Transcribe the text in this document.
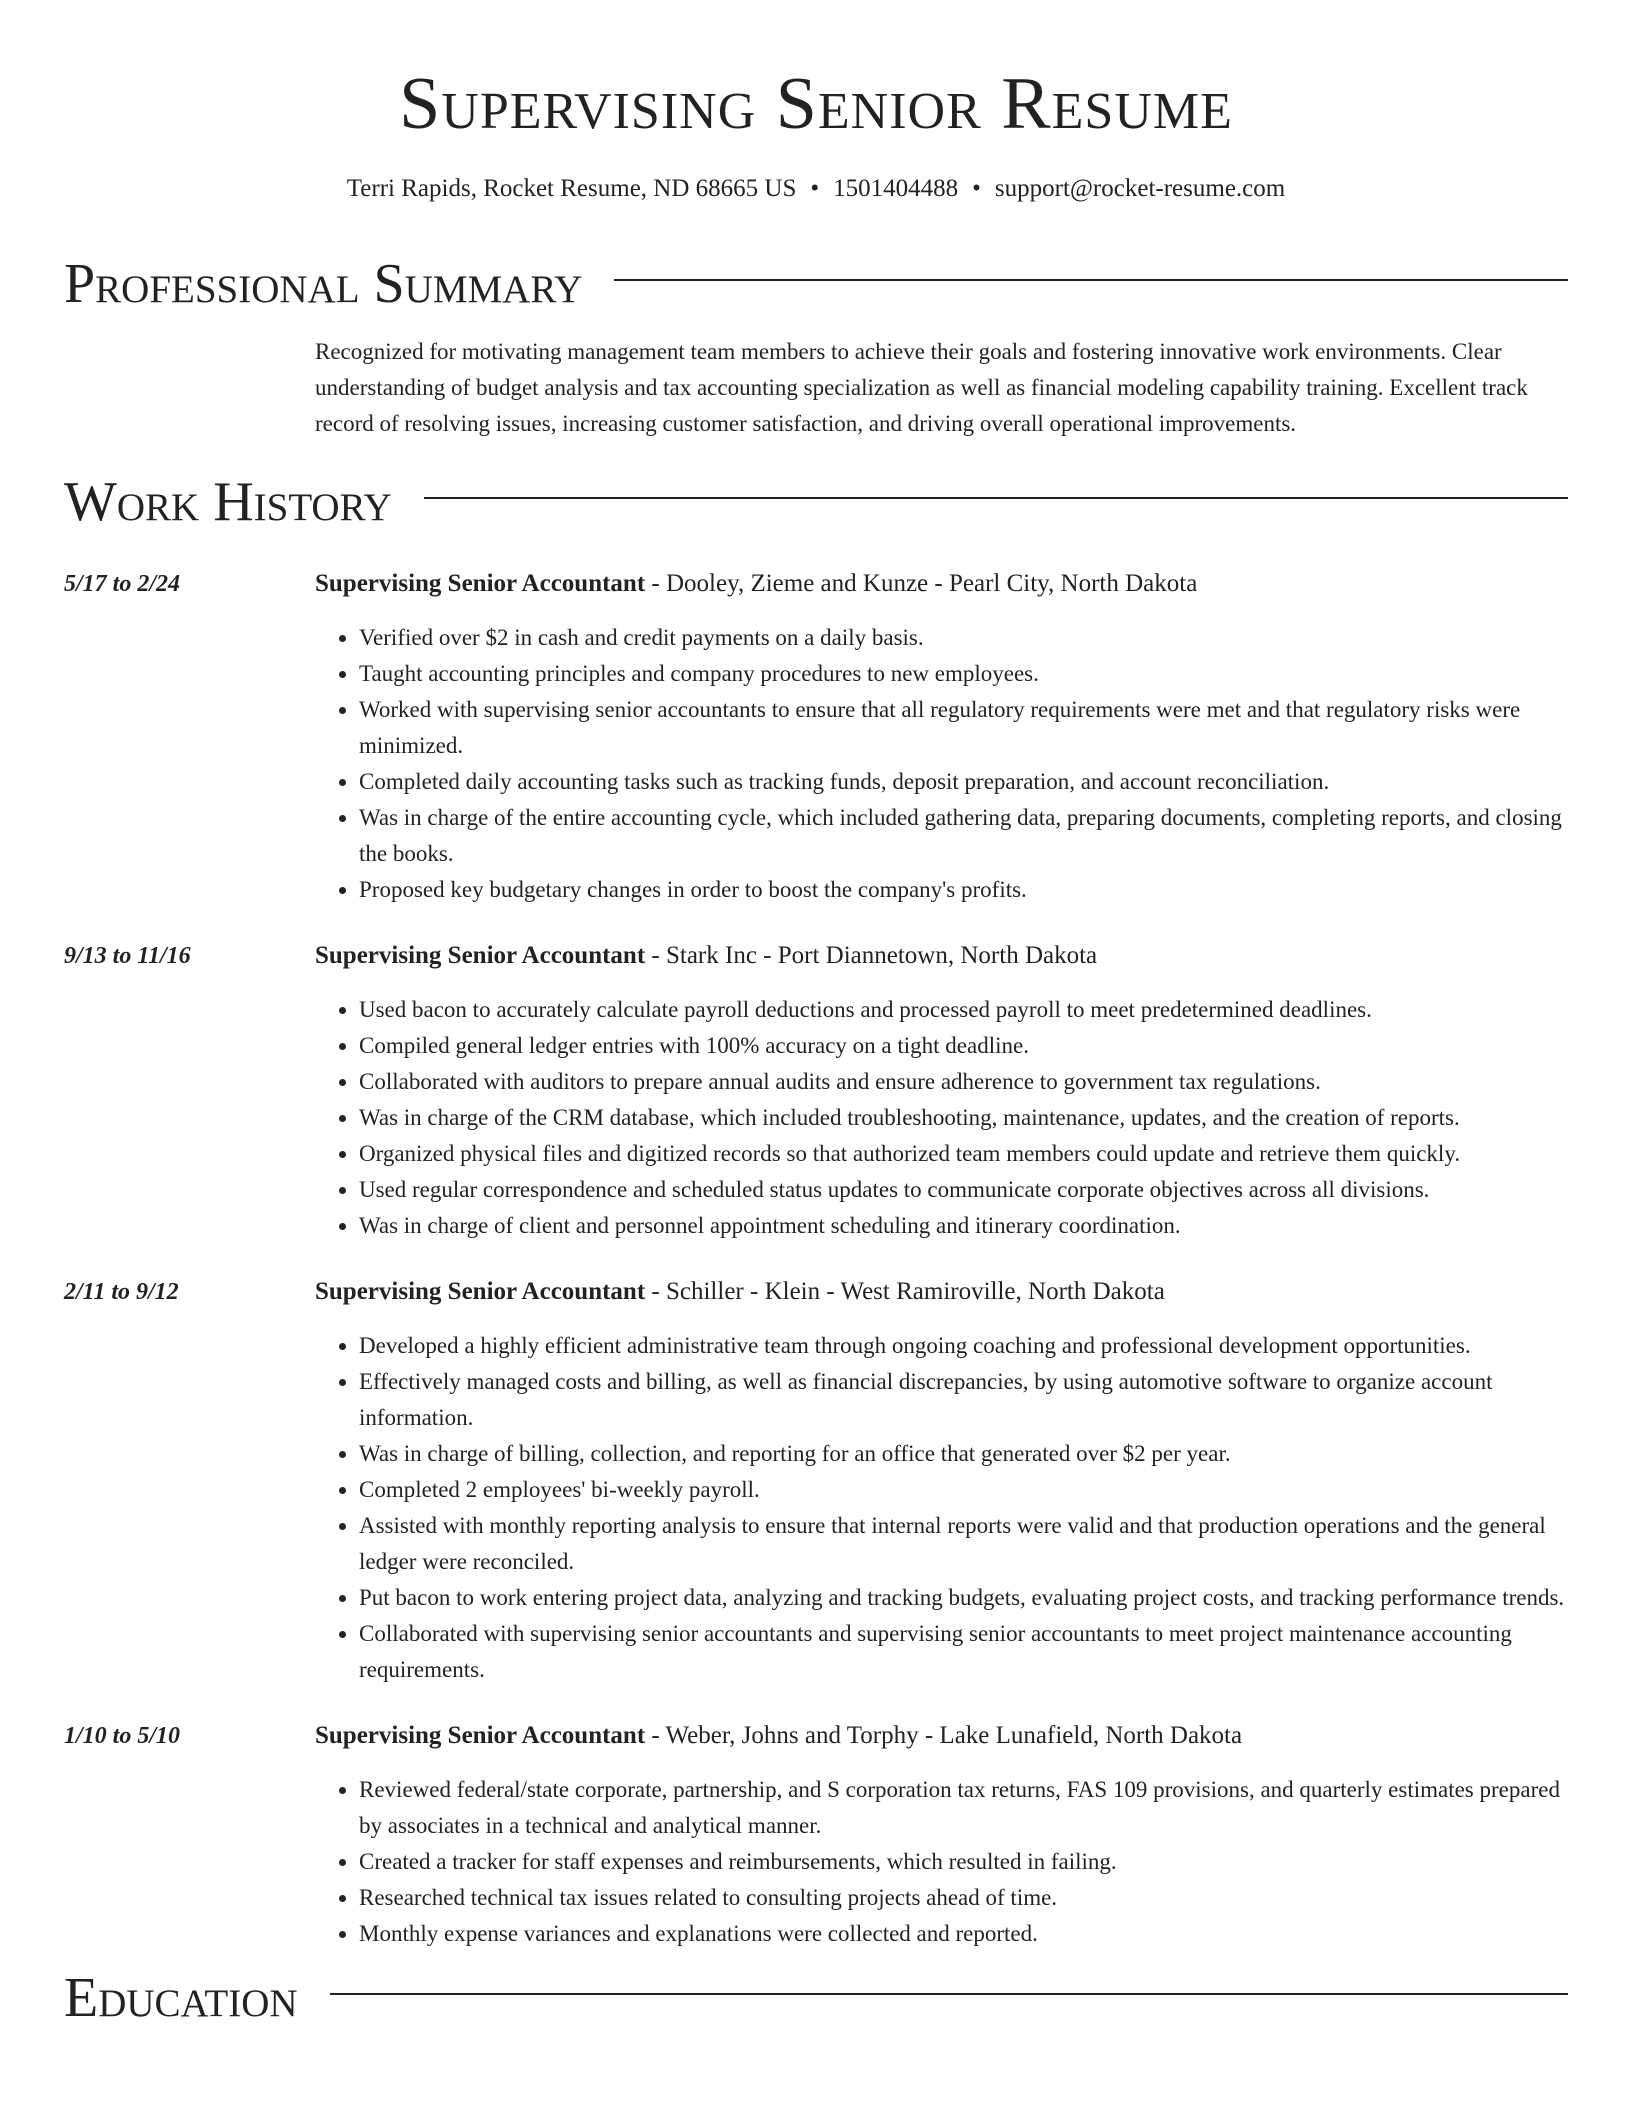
Supervising Senior Resume
Terri Rapids, Rocket Resume, ND 68665 US • 1501404488 • support@rocket-resume.com
Professional Summary
Recognized for motivating management team members to achieve their goals and fostering innovative work environments. Clear understanding of budget analysis and tax accounting specialization as well as financial modeling capability training. Excellent track record of resolving issues, increasing customer satisfaction, and driving overall operational improvements.
Work History
5/17 to 2/24	Supervising Senior Accountant - Dooley, Zieme and Kunze - Pearl City, North Dakota
• Verified over $2 in cash and credit payments on a daily basis.
• Taught accounting principles and company procedures to new employees.
• Worked with supervising senior accountants to ensure that all regulatory requirements were met and that regulatory risks were minimized.
• Completed daily accounting tasks such as tracking funds, deposit preparation, and account reconciliation.
• Was in charge of the entire accounting cycle, which included gathering data, preparing documents, completing reports, and closing the books.
• Proposed key budgetary changes in order to boost the company's profits.
9/13 to 11/16	Supervising Senior Accountant - Stark Inc - Port Diannetown, North Dakota
• Used bacon to accurately calculate payroll deductions and processed payroll to meet predetermined deadlines.
• Compiled general ledger entries with 100% accuracy on a tight deadline.
• Collaborated with auditors to prepare annual audits and ensure adherence to government tax regulations.
• Was in charge of the CRM database, which included troubleshooting, maintenance, updates, and the creation of reports.
• Organized physical files and digitized records so that authorized team members could update and retrieve them quickly.
• Used regular correspondence and scheduled status updates to communicate corporate objectives across all divisions.
• Was in charge of client and personnel appointment scheduling and itinerary coordination.
2/11 to 9/12	Supervising Senior Accountant - Schiller - Klein - West Ramiroville, North Dakota
• Developed a highly efficient administrative team through ongoing coaching and professional development opportunities.
• Effectively managed costs and billing, as well as financial discrepancies, by using automotive software to organize account information.
• Was in charge of billing, collection, and reporting for an office that generated over $2 per year.
• Completed 2 employees' bi-weekly payroll.
• Assisted with monthly reporting analysis to ensure that internal reports were valid and that production operations and the general ledger were reconciled.
• Put bacon to work entering project data, analyzing and tracking budgets, evaluating project costs, and tracking performance trends.
• Collaborated with supervising senior accountants and supervising senior accountants to meet project maintenance accounting requirements.
1/10 to 5/10	Supervising Senior Accountant - Weber, Johns and Torphy - Lake Lunafield, North Dakota
• Reviewed federal/state corporate, partnership, and S corporation tax returns, FAS 109 provisions, and quarterly estimates prepared by associates in a technical and analytical manner.
• Created a tracker for staff expenses and reimbursements, which resulted in failing.
• Researched technical tax issues related to consulting projects ahead of time.
• Monthly expense variances and explanations were collected and reported.
Education
